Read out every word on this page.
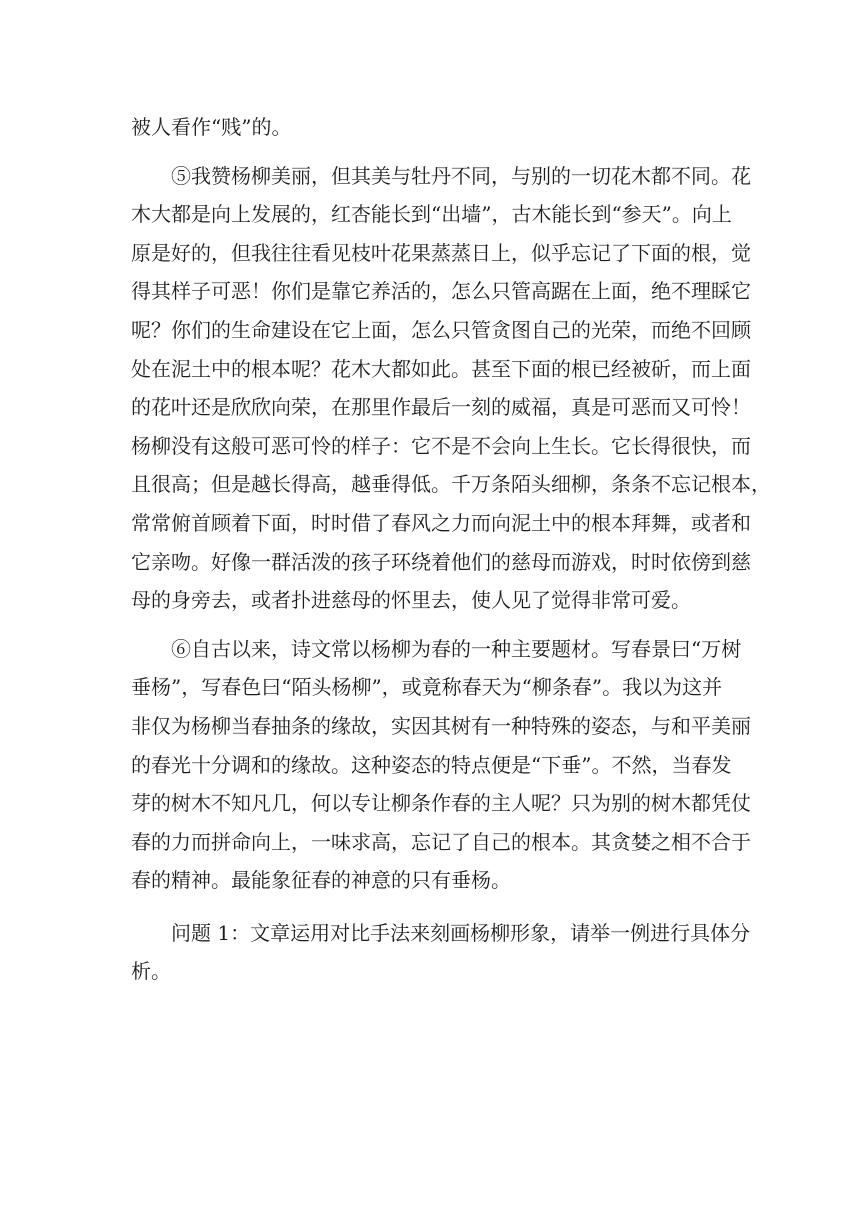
被人看作“贱”的。
⑤我赞杨柳美丽，但其美与牡丹不同，与别的一切花木都不同。花
木大都是向上发展的，红杏能长到“出墙”，古木能长到“参天”。向上
原是好的，但我往往看见枝叶花果蒸蒸日上，似乎忘记了下面的根，觉
得其样子可恶！你们是靠它养活的，怎么只管高踞在上面，绝不理睬它
呢？你们的生命建设在它上面，怎么只管贪图自己的光荣，而绝不回顾
处在泥土中的根本呢？花木大都如此。甚至下面的根已经被斫，而上面
的花叶还是欣欣向荣，在那里作最后一刻的威福，真是可恶而又可怜！
杨柳没有这般可恶可怜的样子：它不是不会向上生长。它长得很快，而
且很高；但是越长得高，越垂得低。千万条陌头细柳，条条不忘记根本，
常常俯首顾着下面，时时借了春风之力而向泥土中的根本拜舞，或者和
它亲吻。好像一群活泼的孩子环绕着他们的慈母而游戏，时时依傍到慈
母的身旁去，或者扑进慈母的怀里去，使人见了觉得非常可爱。
⑥自古以来，诗文常以杨柳为春的一种主要题材。写春景曰“万树
垂杨”，写春色曰“陌头杨柳”，或竟称春天为“柳条春”。我以为这并
非仅为杨柳当春抽条的缘故，实因其树有一种特殊的姿态，与和平美丽
的春光十分调和的缘故。这种姿态的特点便是“下垂”。不然，当春发
芽的树木不知凡几，何以专让柳条作春的主人呢？只为别的树木都凭仗
春的力而拼命向上，一味求高，忘记了自己的根本。其贪婪之相不合于
春的精神。最能象征春的神意的只有垂杨。
问题 1：文章运用对比手法来刻画杨柳形象，请举一例进行具体分
析。
